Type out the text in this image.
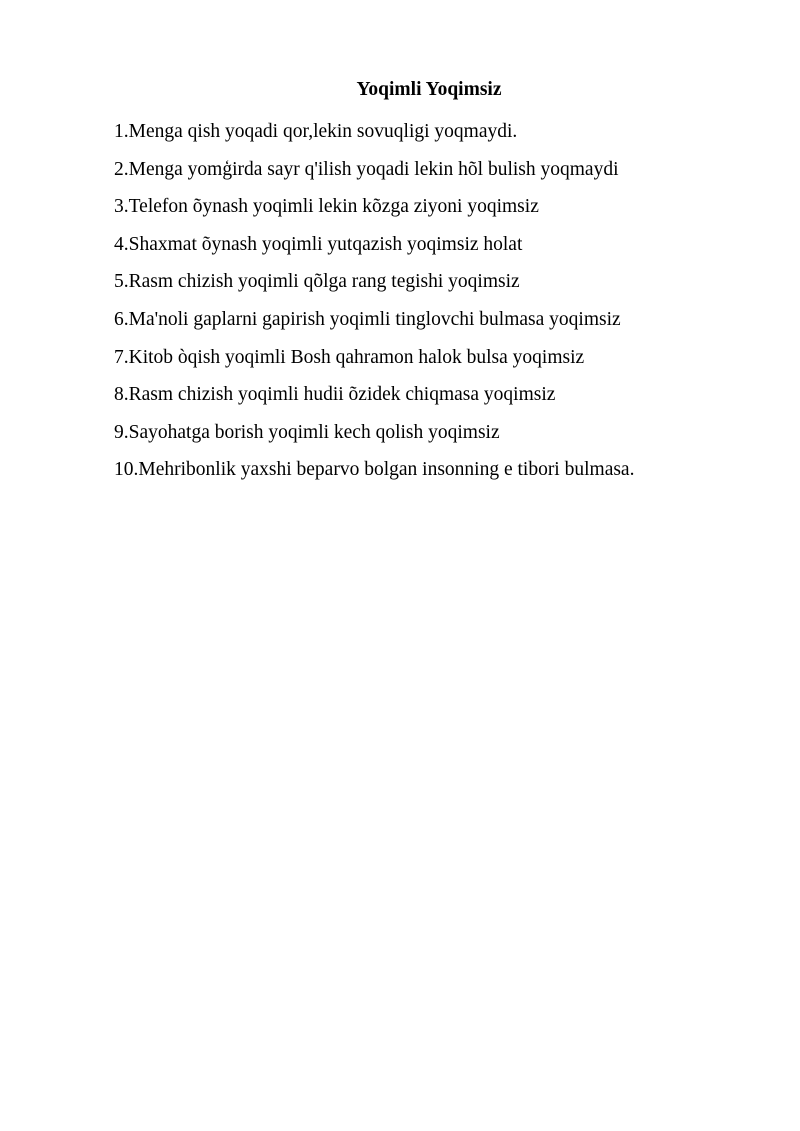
Yoqimli Yoqimsiz
1.Menga qish yoqadi qor,lekin sovuqligi yoqmaydi.
2.Menga yomģirda sayr q'ilish yoqadi lekin hõl bulish yoqmaydi
3.Telefon õynash yoqimli lekin kõzga ziyoni yoqimsiz
4.Shaxmat õynash yoqimli yutqazish yoqimsiz holat
5.Rasm chizish yoqimli qõlga rang tegishi yoqimsiz
6.Ma'noli gaplarni gapirish yoqimli tinglovchi bulmasa yoqimsiz
7.Kitob òqish yoqimli Bosh qahramon halok bulsa yoqimsiz
8.Rasm chizish yoqimli hudii õzidek chiqmasa yoqimsiz
9.Sayohatga borish yoqimli kech qolish yoqimsiz
10.Mehribonlik yaxshi beparvo bolgan insonning e tibori bulmasa.
